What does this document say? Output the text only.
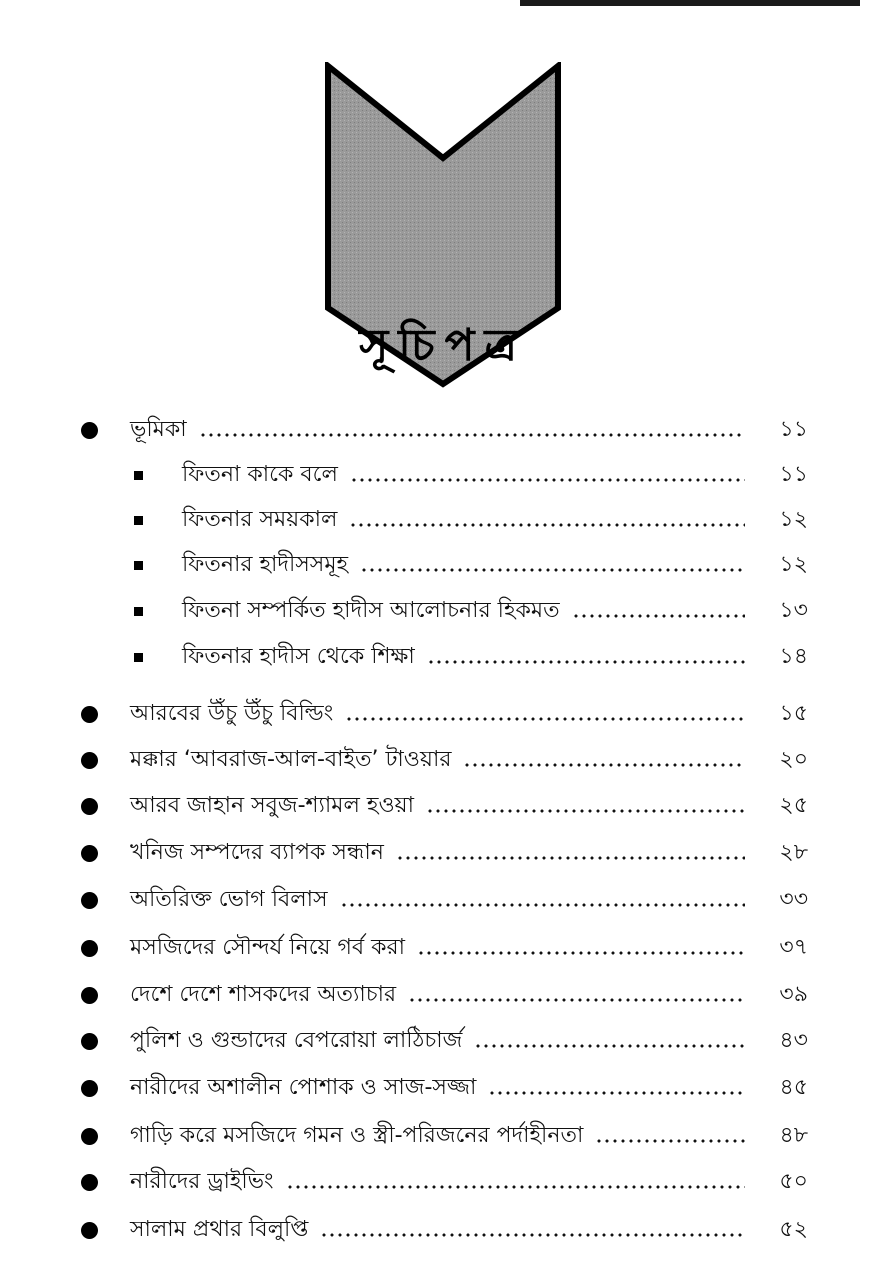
সূচিপত্র
ভূমিকা	১১
ফিতনা কাকে বলে	১১
ফিতনার সময়কাল	১২
ফিতনার হাদীসসমূহ	১২
ফিতনা সম্পর্কিত হাদীস আলোচনার হিকমত	১৩
ফিতনার হাদীস থেকে শিক্ষা	১৪
আরবের উঁচু উঁচু বিল্ডিং	১৫
মক্কার ‘আবরাজ-আল-বাইত’ টাওয়ার	২০
আরব জাহান সবুজ-শ্যামল হওয়া	২৫
খনিজ সম্পদের ব্যাপক সন্ধান	২৮
অতিরিক্ত ভোগ বিলাস	৩৩
মসজিদের সৌন্দর্য নিয়ে গর্ব করা	৩৭
দেশে দেশে শাসকদের অত্যাচার	৩৯
পুলিশ ও গুন্ডাদের বেপরোয়া লাঠিচার্জ	৪৩
নারীদের অশালীন পোশাক ও সাজ-সজ্জা	৪৫
গাড়ি করে মসজিদে গমন ও স্ত্রী-পরিজনের পর্দাহীনতা	৪৮
নারীদের ড্রাইভিং	৫০
সালাম প্রথার বিলুপ্তি	৫২
